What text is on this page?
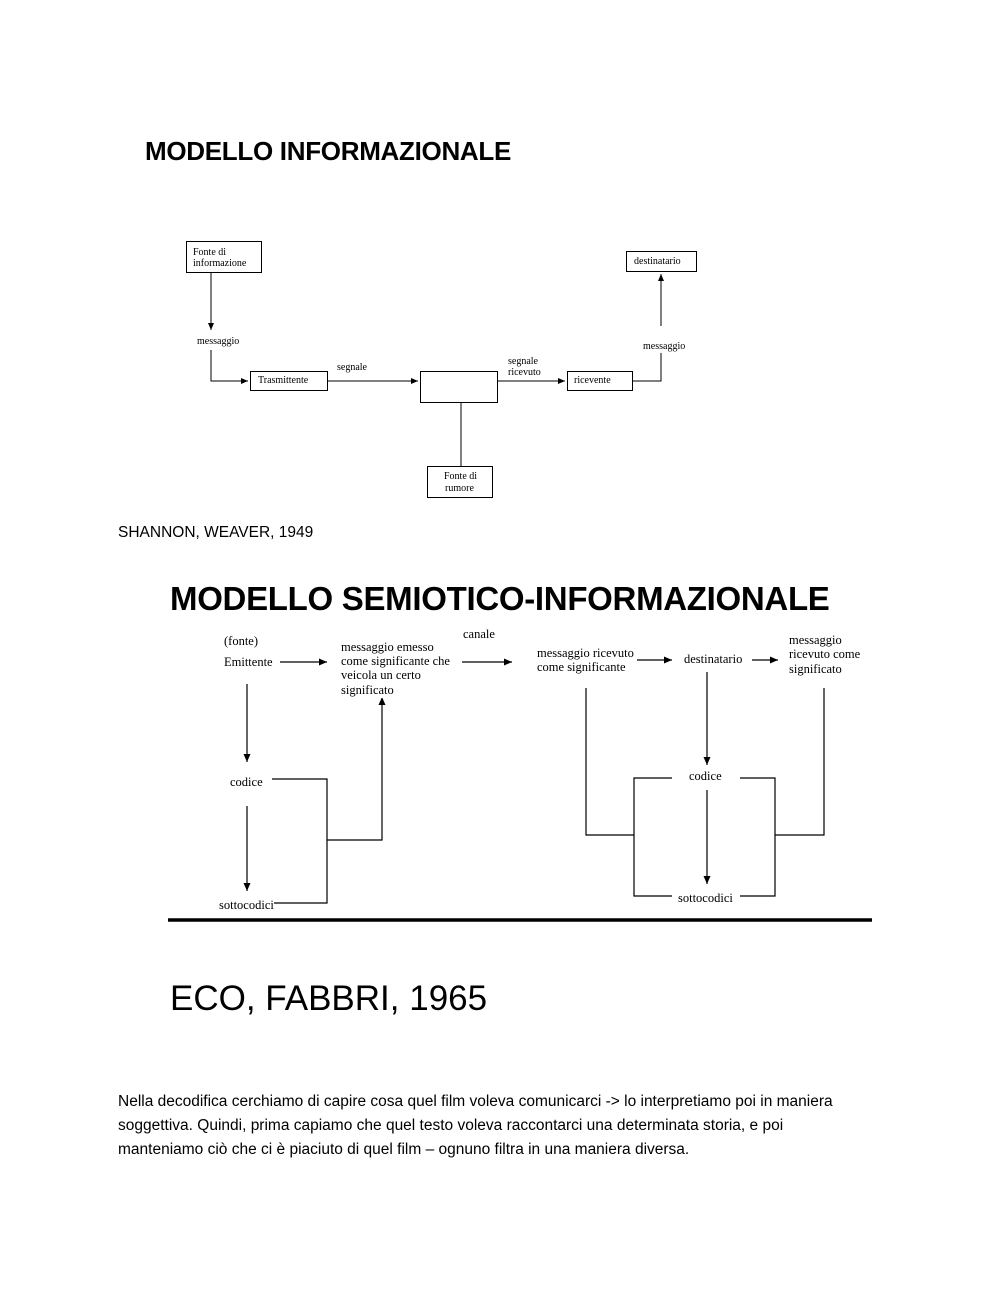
MODELLO INFORMAZIONALE
Fonte di
informazione	destinatario
messaggio	messaggio
Trasmittente
segnale
segnale
ricevuto
ricevente
Fonte di
rumore
SHANNON, WEAVER, 1949
MODELLO SEMIOTICO-INFORMAZIONALE
(fonte)
Emittente
messaggio emesso
come significante che
veicola un certo
significato
canale
messaggio ricevuto
come significante
destinatario
messaggio
ricevuto come
significato
codice
sottocodici
codice
sottocodici
ECO, FABBRI, 1965
Nella decodifica cerchiamo di capire cosa quel film voleva comunicarci -> lo interpretiamo poi in maniera
soggettiva. Quindi, prima capiamo che quel testo voleva raccontarci una determinata storia, e poi
manteniamo ciò che ci è piaciuto di quel film – ognuno filtra in una maniera diversa.
